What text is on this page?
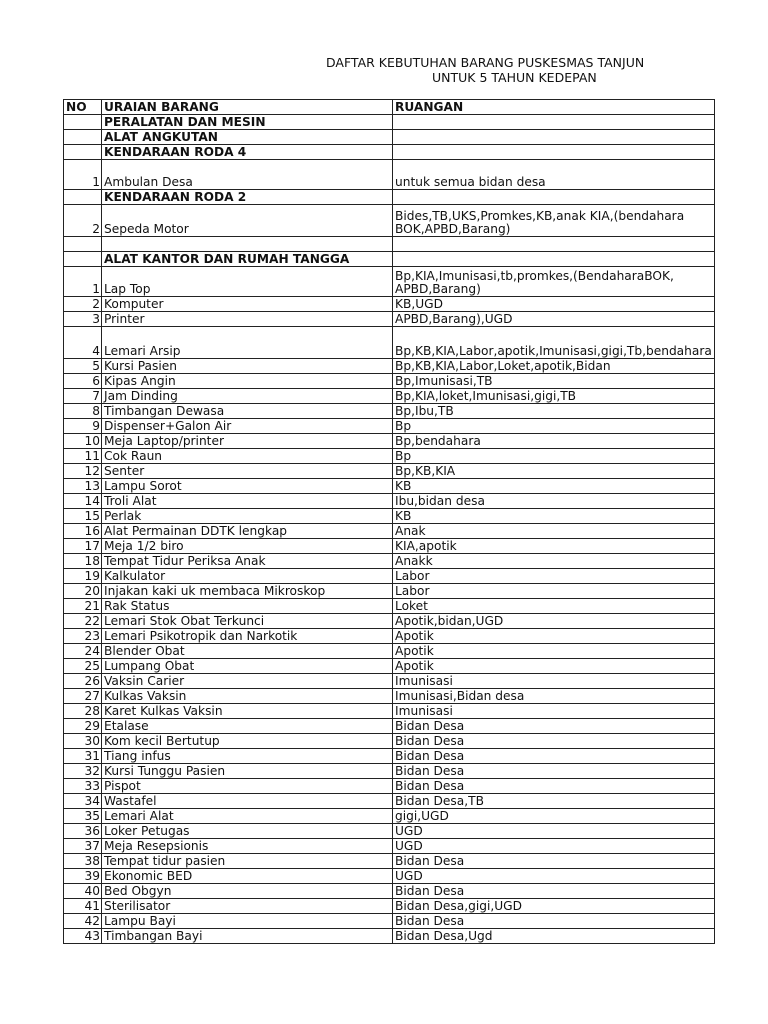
DAFTAR KEBUTUHAN BARANG PUSKESMAS TANJUN
UNTUK 5 TAHUN KEDEPAN
NO	URAIAN BARANG	RUANGAN
	PERALATAN DAN MESIN	
	ALAT ANGKUTAN	
	KENDARAAN RODA 4	
1	Ambulan Desa	untuk semua bidan desa
	KENDARAAN RODA 2	
2	Sepeda Motor	Bides,TB,UKS,Promkes,KB,anak KIA,(bendahara BOK,APBD,Barang)

	ALAT KANTOR DAN RUMAH TANGGA	
1	Lap Top	Bp,KIA,Imunisasi,tb,promkes,(BendaharaBOK, APBD,Barang)
2	Komputer	KB,UGD
3	Printer	APBD,Barang),UGD
4	Lemari Arsip	Bp,KB,KIA,Labor,apotik,Imunisasi,gigi,Tb,bendahara
5	Kursi Pasien	Bp,KB,KIA,Labor,Loket,apotik,Bidan
6	Kipas Angin	Bp,Imunisasi,TB
7	Jam Dinding	Bp,KIA,loket,Imunisasi,gigi,TB
8	Timbangan Dewasa	Bp,Ibu,TB
9	Dispenser+Galon Air	Bp
10	Meja Laptop/printer	Bp,bendahara
11	Cok Raun	Bp
12	Senter	Bp,KB,KIA
13	Lampu Sorot	KB
14	Troli Alat	Ibu,bidan desa
15	Perlak	KB
16	Alat Permainan DDTK lengkap	Anak
17	Meja 1/2 biro	KIA,apotik
18	Tempat Tidur Periksa Anak	Anakk
19	Kalkulator	Labor
20	Injakan kaki uk membaca Mikroskop	Labor
21	Rak Status	Loket
22	Lemari Stok Obat Terkunci	Apotik,bidan,UGD
23	Lemari Psikotropik dan Narkotik	Apotik
24	Blender Obat	Apotik
25	Lumpang Obat	Apotik
26	Vaksin Carier	Imunisasi
27	Kulkas Vaksin	Imunisasi,Bidan desa
28	Karet Kulkas Vaksin	Imunisasi
29	Etalase	Bidan Desa
30	Kom kecil Bertutup	Bidan Desa
31	Tiang infus	Bidan Desa
32	Kursi Tunggu Pasien	Bidan Desa
33	Pispot	Bidan Desa
34	Wastafel	Bidan Desa,TB
35	Lemari Alat	gigi,UGD
36	Loker Petugas	UGD
37	Meja Resepsionis	UGD
38	Tempat tidur pasien	Bidan Desa
39	Ekonomic BED	UGD
40	Bed Obgyn	Bidan Desa
41	Sterilisator	Bidan Desa,gigi,UGD
42	Lampu Bayi	Bidan Desa
43	Timbangan Bayi	Bidan Desa,Ugd
